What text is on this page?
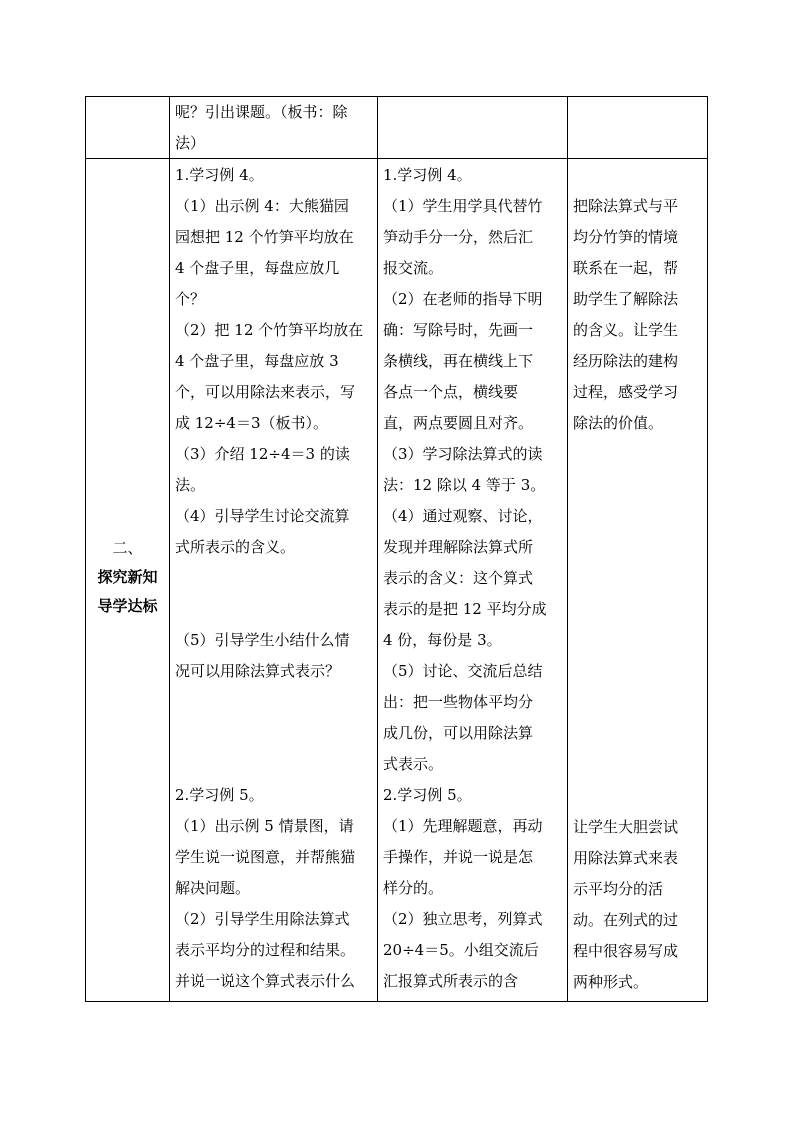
呢？引出课题。（板书：除

法）

二、
探究新知
导学达标

1.学习例 4。

（1）出示例 4：大熊猫园

园想把 12 个竹笋平均放在

4 个盘子里，每盘应放几

个？

（2）把 12 个竹笋平均放在

4 个盘子里，每盘应放 3

个，可以用除法来表示，写

成 12÷4＝3（板书）。

（3）介绍 12÷4＝3 的读

法。

（4）引导学生讨论交流算

式所表示的含义。

（5）引导学生小结什么情

况可以用除法算式表示？

2.学习例 5。

（1）出示例 5 情景图，请

学生说一说图意，并帮熊猫

解决问题。

（2）引导学生用除法算式

表示平均分的过程和结果。

并说一说这个算式表示什么

1.学习例 4。

（1）学生用学具代替竹

笋动手分一分，然后汇

报交流。

（2）在老师的指导下明

确：写除号时，先画一

条横线，再在横线上下

各点一个点，横线要

直，两点要圆且对齐。

（3）学习除法算式的读

法：12 除以 4 等于 3。

（4）通过观察、讨论，

发现并理解除法算式所

表示的含义：这个算式

表示的是把 12 平均分成

4 份，每份是 3。

（5）讨论、交流后总结

出：把一些物体平均分

成几份，可以用除法算

式表示。

2.学习例 5。

（1）先理解题意，再动

手操作，并说一说是怎

样分的。

（2）独立思考，列算式

20÷4＝5。小组交流后

汇报算式所表示的含

把除法算式与平

均分竹笋的情境

联系在一起，帮

助学生了解除法

的含义。让学生

经历除法的建构

过程，感受学习

除法的价值。

让学生大胆尝试

用除法算式来表

示平均分的活

动。在列式的过

程中很容易写成

两种形式。
